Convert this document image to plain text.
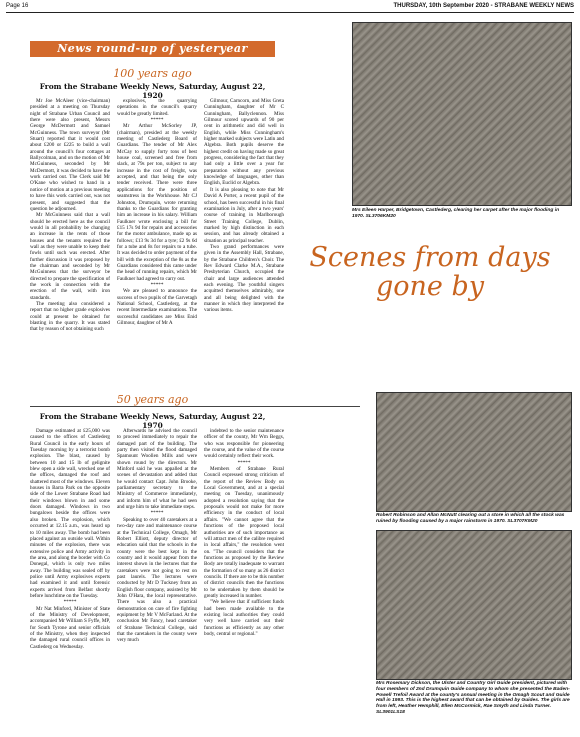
Page 16	THURSDAY, 10th September 2020 - STRABANE WEEKLY NEWS
News round-up of yesteryear
100 years ago
From the Strabane Weekly News, Saturday, August 22, 1920

Mr Joe McAleer (vice-chairman) presided at a meeting on Thursday night of Strabane Urban Council and there were also present, Messrs George McDermott and Samuel McGuinness. The town surveyor (Mr Stuart) reported that it would cost about £200 or £225 to build a wall around the council's four cottages at Ballycolman, and on the motion of Mr McGuinness, seconded by Mr McDermott, it was decided to have the work carried out. The Clerk said Mr O'Kane who wished to hand in a notice of motion at a previous meeting to have this work carried out, was not present, and suggested that the question be adjourned.

Mr McGuinness said that a wall should be erected here as the council would in all probability be changing an increase in the rents of those houses and the tenants required the wall as they were unable to keep their fowls until such was erected. After further discussion it was proposed by the chairman and seconded by Mr McGuinness that the surveyor be directed to prepare the specification of the work in connection with the erection of the wall, with iron standards.

The meeting also considered a report that no higher grade explosives could at present be obtained for blasting in the quarry. It was stated that by reason of not obtaining such

explosives, the quarrying operations in the council's quarry would be greatly limited.

*****

Mr Arthur McSorley JP, (chairman), presided at the weekly meeting of Castlederg Board of Guardians. The tender of Mr Alex McCay to supply forty tons of best house coal, screened and free from slack, at 79s per ton, subject to any increase in the cost of freight, was accepted, and that being the only tender received. There were three applications for the position of seamstress in the Workhouse. Mr CJ Johnston, Drumquin, wrote returning thanks to the Guardians for granting him an increase in his salary. William Faulkner wrote enclosing a bill for £15 17s 9d for repairs and accessories for the motor ambulance, made up as follows; £13 9s 3d for a tyre; £2 9s 6d for a tube and 8s for repairs to a tube. It was decided to order payment of the bill with the exception of the 8s as the Guardians considered this came under the head of running repairs, which Mr Faulkner had agreed to carry out.

*****

We are pleased to announce the success of two pupils of the Garvetagh National School, Castlederg, at the recent Intermediate examinations. The successful candidates are Miss Enid Gilmour, daughter of Mr A

Gilmour, Carncorn, and Miss Greta Cunningham, daughter of Mr C Cunningham, Ballyclennon. Miss Gilmour scored upwards of 90 per cent in arithmetic and did well in English, while Miss Cunningham's higher marked subjects were Latin and Algebra. Both pupils deserve the highest credit on having made so great progress, considering the fact that they had only a little over a year for preparation without any previous knowledge of languages, other than English, Euclid or Algebra.

It is also pleasing to note that Mr David A Porter, a recent pupil of the school, has been successful in his final examination in July, after a two years' course of training in Marlborough Street Training College, Dublin, marked by high distinction in each session, and has already obtained a situation as principal teacher.

Two grand performances were given in the Assembly Hall, Strabane, by the Strabane Children's Choir. The Rev Edward Clarke M.A., Strabane Presbyterian Church, occupied the chair and large audiences attended each evening. The youthful singers acquitted themselves admirably, one and all being delighted with the manner in which they interpreted the various items.

Mrs Eileen Harper, Bridgetown, Castlederg, clearing her carpet after the major flooding in 1970. SL3706KM20
Scenes from days gone by
50 years ago
From the Strabane Weekly News, Saturday, August 22, 1970

Damage estimated at £25,000 was caused to the offices of Castlederg Rural Council in the early hours of Tuesday morning by a terrorist bomb explosion. The blast, caused by between 10 and 15 lb of gelignite blew open a side wall, wrecked one of the offices, damaged the roof and shattered most of the windows. Eleven houses in Barra Park on the opposite side of the Lower Strabane Road had their windows blown in and some doors damaged. Windows in two bungalows beside the offices were also broken. The explosion, which occurred at 12.15 a.m., was heard up to 10 miles away. The bomb had been placed against an outside wall. Within minutes of the explosion, there was extensive police and Army activity in the area, and along the border with Co Donegal, which is only two miles away. The building was sealed off by police until Army explosives experts had examined it and until forensic experts arrived from Belfast shortly before lunchtime on the Tuesday.

*****

Mr Nat Minford, Minister of State of the Ministry of Development, accompanied Mr William S Fyffe, MP, for South Tyrone and senior officials of the Ministry, when they inspected the damaged rural council offices in Castlederg on Wednesday.

Afterwards he advised the council to proceed immediately to repair the damaged part of the building. The party then visited the flood damaged Spamount Woollen Mills and were shown round by the directors. Mr Minford said he was appalled at the scenes of devastation and added that he would contact Capt. John Brooke, parliamentary secretary to the Ministry of Commerce immediately, and inform him of what he had seen and urge him to take immediate steps.

*****

Speaking to over 40 caretakers at a two-day care and maintenance course at the Technical College, Omagh, Mr Robert Elliott, deputy director of education said that the schools in the county were the best kept in the country and it would appear from the interest shown in the lectures that the caretakers were not going to rest on past laurels. The lectures were conducted by Mr D Tuckney from an English floor company, assisted by Mr John O'Hara, the local representative. There was also a practical demonstration on care of fire fighting equipment by Mr V McFarland. At the conclusion Mr Fancy, head caretaker of Strabane Technical College, said that the caretakers in the county were very much

indebted to the senior maintenance officer of the county, Mr Wm Beggs, who was responsible for pioneering the course, and the value of the course would certainly reflect their work.

*****

Members of Strabane Rural Council expressed strong criticism of the report of the Review Body on Local Government, and at a special meeting on Tuesday, unanimously adopted a resolution saying that the proposals would not make for more efficiency in the conduct of local affairs. "We cannot agree that the functions of the proposed local authorities are of such importance as will attract men of the calibre required in local affairs," the resolution went on. "The council considers that the functions as proposed by the Review Body are totally inadequate to warrant the formation of so many as 26 district councils. If there are to be this number of district councils then the functions to be undertaken by them should be greatly increased in number.

"We believe that if sufficient funds had been made available to the existing local authorities they could very well have carried out their functions as efficiently as any other body, central or regional."

Robert Robinson and Allan McNutt clearing out a store in which all the stock was ruined by flooding caused by a major rainstorm in 1970. SL3707KM20
Mrs Rosemary Dickson, the Ulster and Country Girl Guide president, pictured with four members of 2nd Drumquin Guide company to whom she presented the Baden-Powell Trefoil Award at the county's annual meeting in the Omagh Scout and Guide Hall in 1993. This is the highest award that can be obtained by Guides. The girls are from left, Heather Hemphill, Ellen McCormick, Rae Smyth and Linda Turner. SL3901LS18
